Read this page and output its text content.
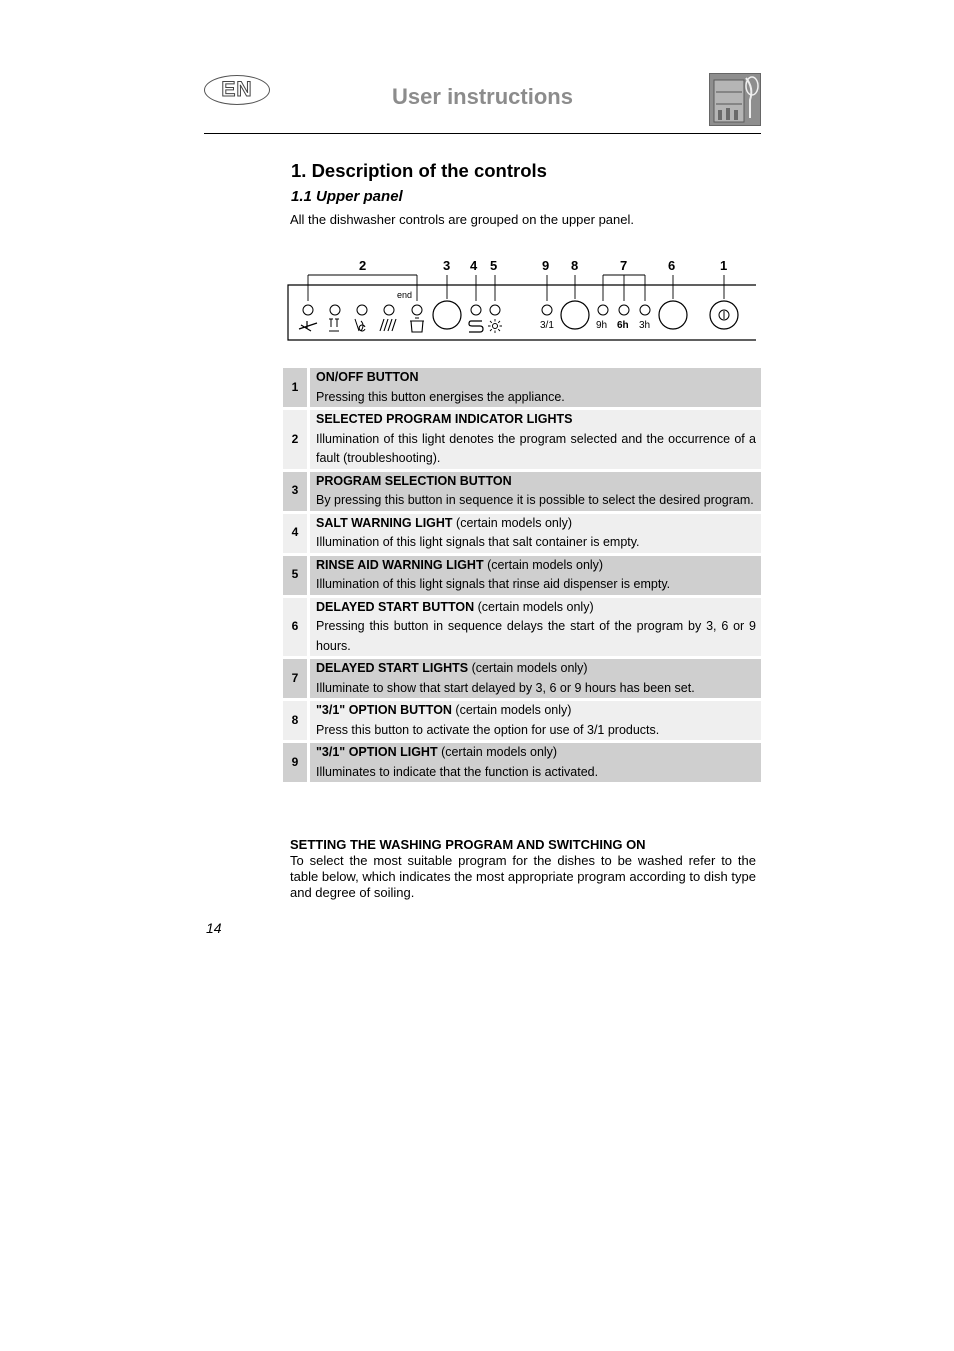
EN	User instructions
1. Description of the controls
1.1 Upper panel
All the dishwasher controls are grouped on the upper panel.
2	3 4 5	9 8	7	6	1
end
3/1	9h 6h 3h
1	ON/OFF BUTTON
Pressing this button energises the appliance.

2	SELECTED PROGRAM INDICATOR LIGHTS
Illumination of this light denotes the program selected and the occurrence of a fault (troubleshooting).

3	PROGRAM SELECTION BUTTON
By pressing this button in sequence it is possible to select the desired program.

4	SALT WARNING LIGHT (certain models only)
Illumination of this light signals that salt container is empty.

5	RINSE AID WARNING LIGHT (certain models only)
Illumination of this light signals that rinse aid dispenser is empty.

6	DELAYED START BUTTON (certain models only)
Pressing this button in sequence delays the start of the program by 3, 6 or 9 hours.

7	DELAYED START LIGHTS (certain models only)
Illuminate to show that start delayed by 3, 6 or 9 hours has been set.

8	"3/1" OPTION BUTTON (certain models only)
Press this button to activate the option for use of 3/1 products.

9	"3/1" OPTION LIGHT (certain models only)
Illuminates to indicate that the function is activated.
SETTING THE WASHING PROGRAM AND SWITCHING ON
To select the most suitable program for the dishes to be washed refer to the table below, which indicates the most appropriate program according to dish type and degree of soiling.
14
